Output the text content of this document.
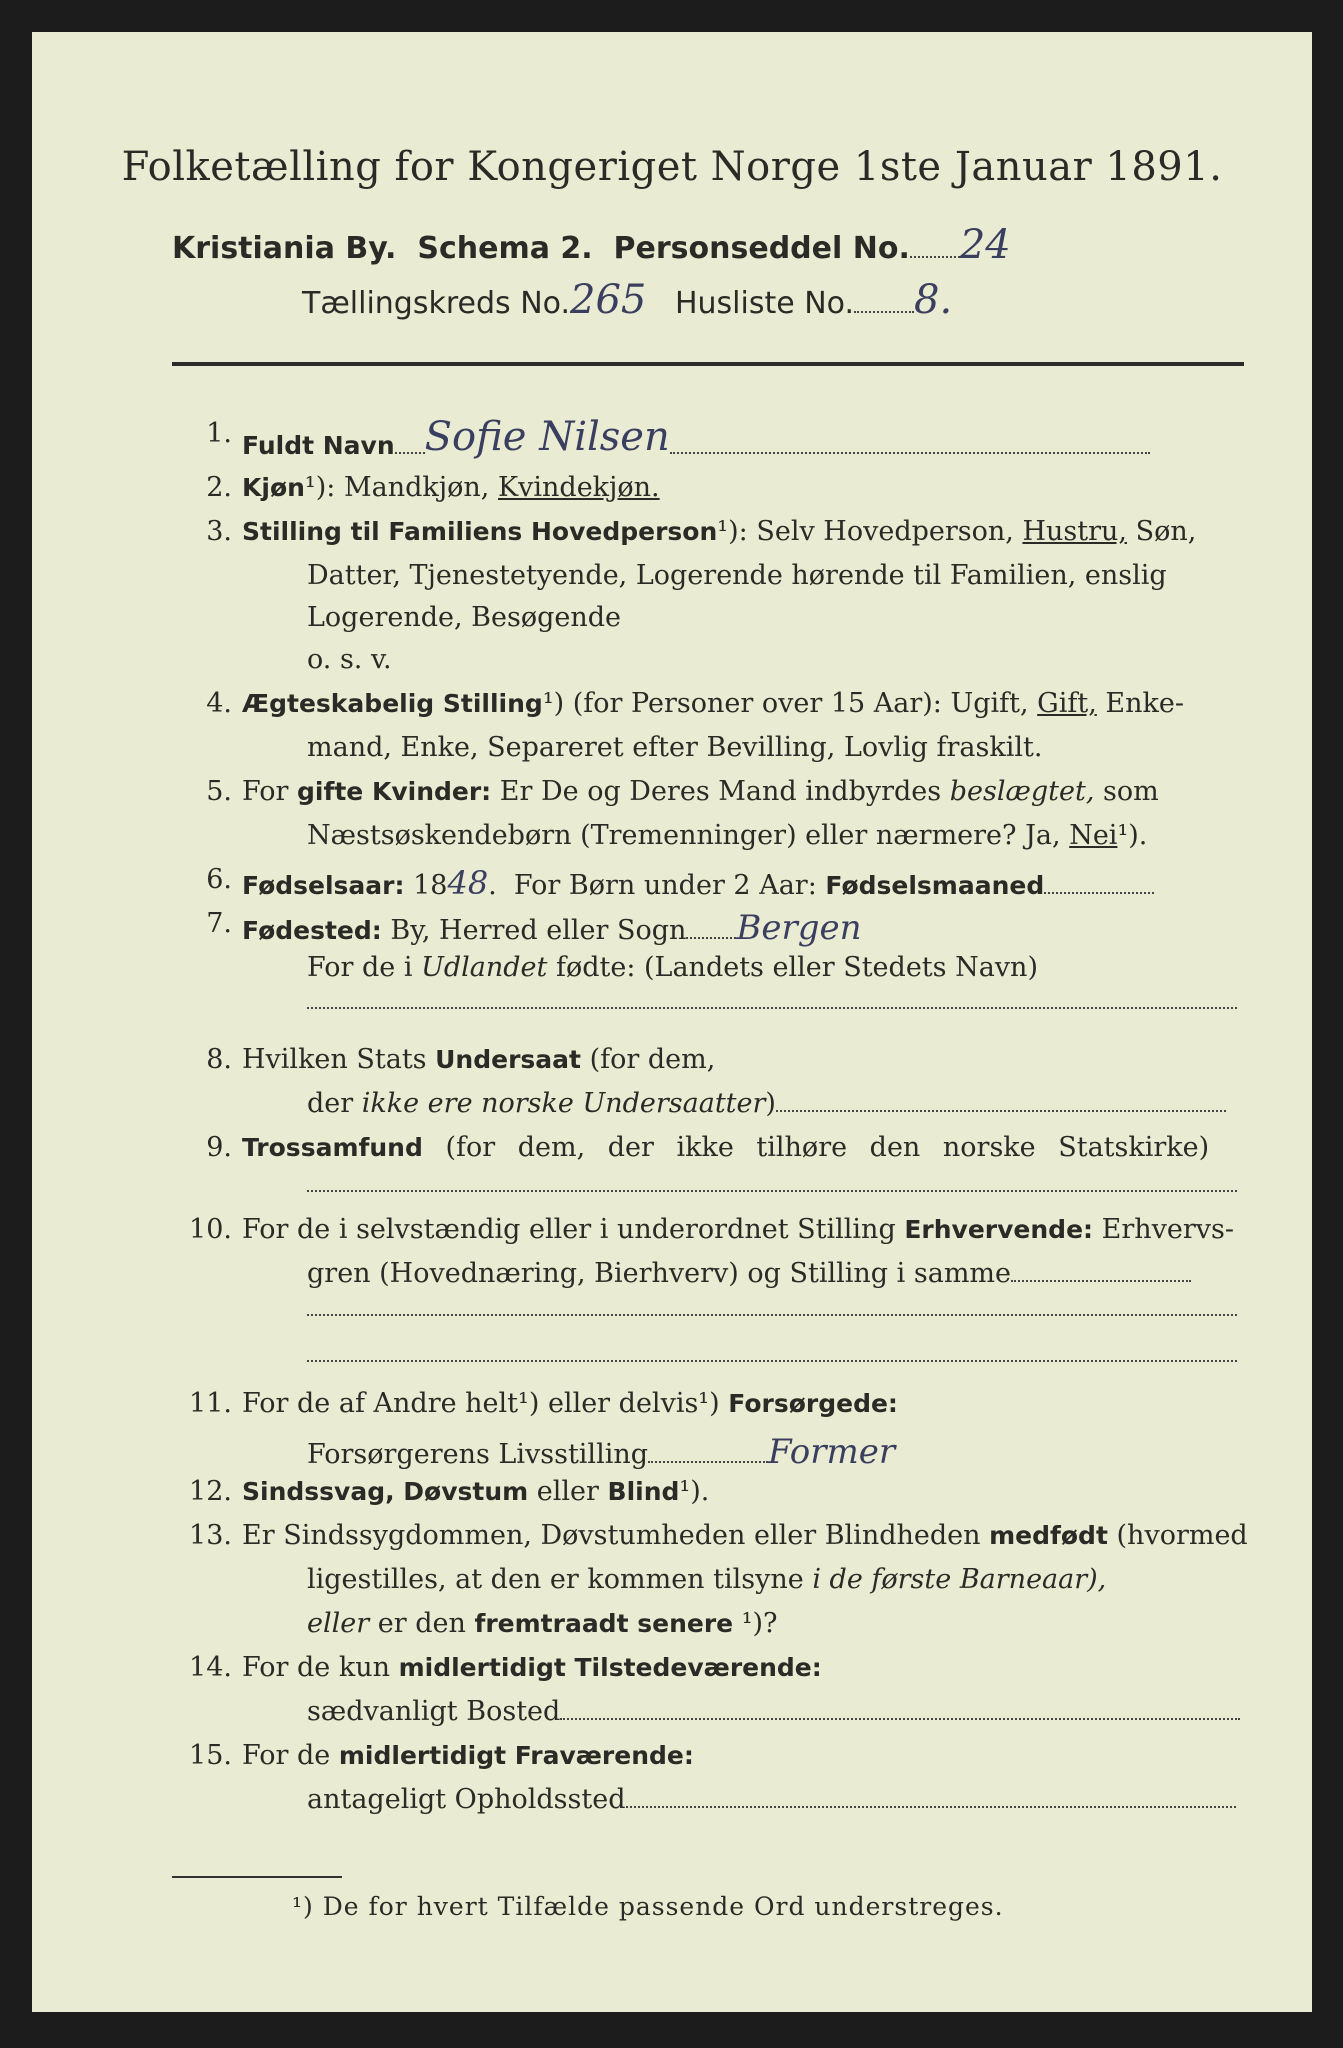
Folketælling for Kongeriget Norge 1ste Januar 1891.
Kristiania By. Schema 2. Personseddel No. 24
Tællingskreds No.265 Husliste No. 8.
1. Fuldt Navn Sofie Nilsen
2. Kjøn¹): Mandkjøn, Kvindekjøn.
3. Stilling til Familiens Hovedperson¹): Selv Hovedperson, Hustru, Søn,
Datter, Tjenestetyende, Logerende hørende til Familien, enslig
Logerende, Besøgende
o. s. v.
4. Ægteskabelig Stilling¹) (for Personer over 15 Aar): Ugift, Gift, Enke-
mand, Enke, Separeret efter Bevilling, Lovlig fraskilt.
5. For gifte Kvinder: Er De og Deres Mand indbyrdes beslægtet, som
Næstsøskendebørn (Tremenninger) eller nærmere? Ja, Nei¹).
6. Fødselsaar: 1848.  For Børn under 2 Aar: Fødselsmaaned
7. Fødested: By, Herred eller Sogn Bergen
For de i Udlandet fødte: (Landets eller Stedets Navn)
8. Hvilken Stats Undersaat (for dem,
der ikke ere norske Undersaatter)
9. Trossamfund (for dem, der ikke tilhøre den norske Statskirke)
10. For de i selvstændig eller i underordnet Stilling Erhvervende: Erhvervs-
gren (Hovednæring, Bierhverv) og Stilling i samme
11. For de af Andre helt¹) eller delvis¹) Forsørgede:
Forsørgerens Livsstilling	Former
12. Sindssvag, Døvstum eller Blind¹).
13. Er Sindssygdommen, Døvstumheden eller Blindheden medfødt (hvormed
ligestilles, at den er kommen tilsyne i de første Barneaar),
eller er den fremtraadt senere ¹)?
14. For de kun midlertidigt Tilstedeværende:
sædvanligt Bosted
15. For de midlertidigt Fraværende:
antageligt Opholdssted
¹) De for hvert Tilfælde passende Ord understreges.
